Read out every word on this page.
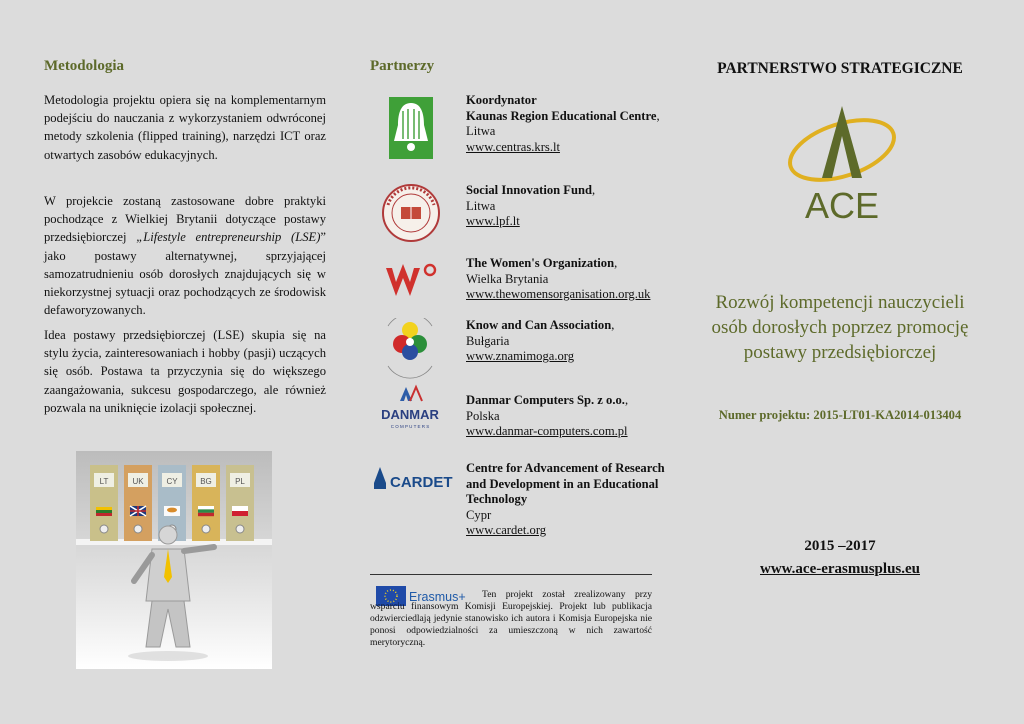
Metodologia

Metodologia projektu opiera się na komplementarnym podejściu do nauczania z wykorzystaniem odwróconej metody szkolenia (flipped training), narzędzi ICT oraz otwartych zasobów edukacyjnych.

W projekcie zostaną zastosowane dobre praktyki pochodzące z Wielkiej Brytanii dotyczące postawy przedsiębiorczej „Lifestyle entrepreneurship (LSE)” jako postawy alternatywnej, sprzyjającej samozatrudnieniu osób dorosłych znajdujących się w niekorzystnej sytuacji oraz pochodzących ze środowisk defaworyzowanych.

Idea postawy przedsiębiorczej (LSE) skupia się na stylu życia, zainteresowaniach i hobby (pasji) uczących się osób. Postawa ta przyczynia się do większego zaangażowania, sukcesu gospodarczego, ale również pozwala na uniknięcie izolacji społecznej.

LT	UK	CY	BG	PL
Partnerzy
Koordynator
Kaunas Region Educational Centre,
Litwa
www.centras.krs.lt
Social Innovation Fund,
Litwa
www.lpf.lt
The Women's Organization,
Wielka Brytania
www.thewomensorganisation.org.uk
Know and Can Association,
Bułgaria
www.znamimoga.org
DANMAR
C O M P U T E R S
Danmar Computers Sp. z o.o.,
Polska
www.danmar-computers.com.pl
CARDET
Centre for Advancement of Research and Development in an Educational Technology
Cypr
www.cardet.org
Erasmus+	Ten projekt został zrealizowany przy wsparciu finansowym Komisji Europejskiej. Projekt lub publikacja odzwierciedlają jedynie stanowisko ich autora i Komisja Europejska nie ponosi odpowiedzialności za umieszczoną w nich zawartość merytoryczną.

PARTNERSTWO STRATEGICZNE
ACE

Rozwój kompetencji nauczycieli osób dorosłych poprzez promocję postawy przedsiębiorczej

Numer projektu: 2015-LT01-KA2014-013404

2015 –2017

www.ace-erasmusplus.eu
